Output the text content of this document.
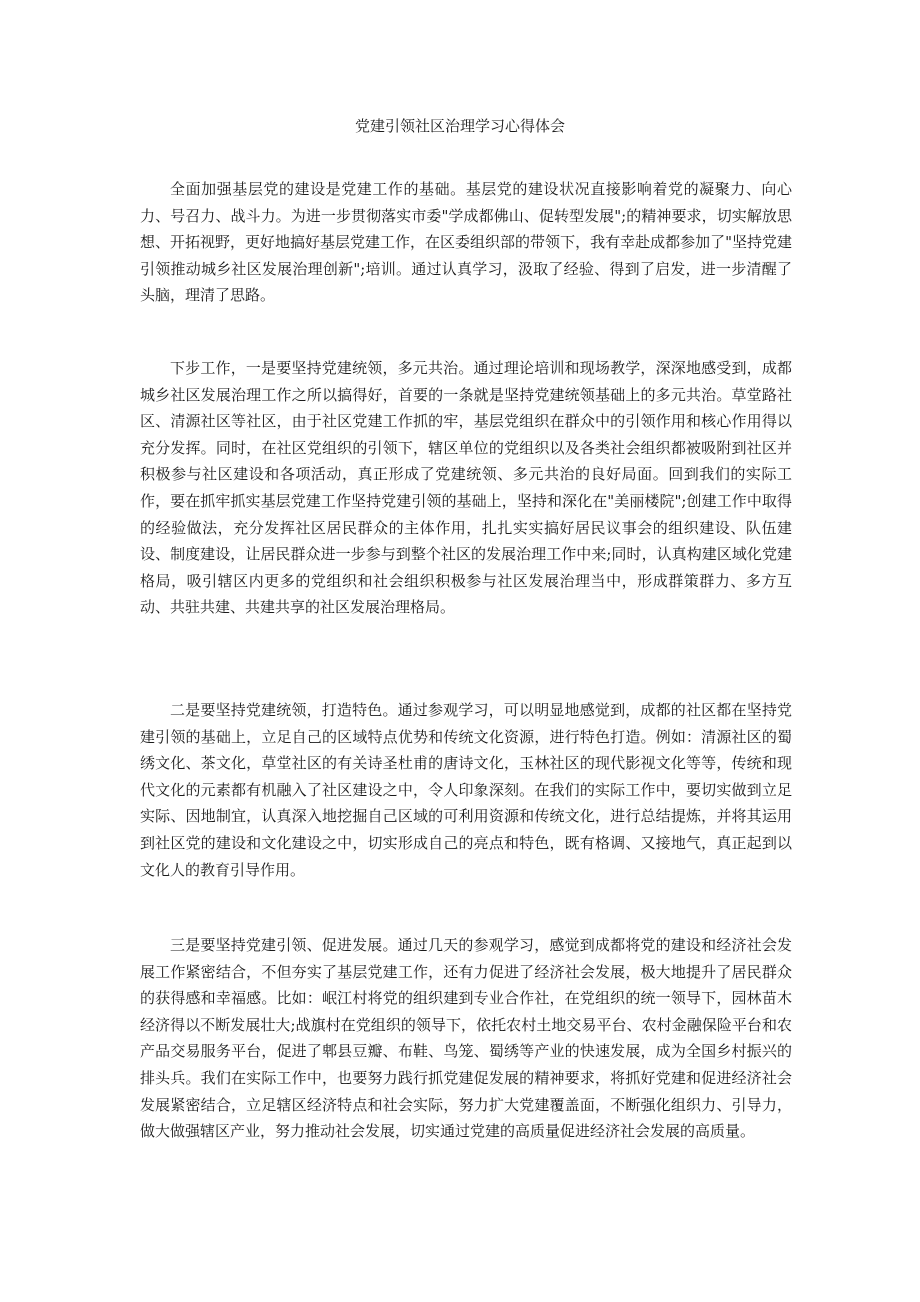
党建引领社区治理学习心得体会

全面加强基层党的建设是党建工作的基础。基层党的建设状况直接影响着党的凝聚力、向心力、号召力、战斗力。为进一步贯彻落实市委"学成都佛山、促转型发展";的精神要求，切实解放思想、开拓视野，更好地搞好基层党建工作，在区委组织部的带领下，我有幸赴成都参加了"坚持党建引领推动城乡社区发展治理创新";培训。通过认真学习，汲取了经验、得到了启发，进一步清醒了头脑，理清了思路。

下步工作，一是要坚持党建统领，多元共治。通过理论培训和现场教学，深深地感受到，成都城乡社区发展治理工作之所以搞得好，首要的一条就是坚持党建统领基础上的多元共治。草堂路社区、清源社区等社区，由于社区党建工作抓的牢，基层党组织在群众中的引领作用和核心作用得以充分发挥。同时，在社区党组织的引领下，辖区单位的党组织以及各类社会组织都被吸附到社区并积极参与社区建设和各项活动，真正形成了党建统领、多元共治的良好局面。回到我们的实际工作，要在抓牢抓实基层党建工作坚持党建引领的基础上，坚持和深化在"美丽楼院";创建工作中取得的经验做法，充分发挥社区居民群众的主体作用，扎扎实实搞好居民议事会的组织建设、队伍建设、制度建设，让居民群众进一步参与到整个社区的发展治理工作中来;同时，认真构建区域化党建格局，吸引辖区内更多的党组织和社会组织积极参与社区发展治理当中，形成群策群力、多方互动、共驻共建、共建共享的社区发展治理格局。

二是要坚持党建统领，打造特色。通过参观学习，可以明显地感觉到，成都的社区都在坚持党建引领的基础上，立足自己的区域特点优势和传统文化资源，进行特色打造。例如：清源社区的蜀绣文化、茶文化，草堂社区的有关诗圣杜甫的唐诗文化，玉林社区的现代影视文化等等，传统和现代文化的元素都有机融入了社区建设之中，令人印象深刻。在我们的实际工作中，要切实做到立足实际、因地制宜，认真深入地挖掘自己区域的可利用资源和传统文化，进行总结提炼，并将其运用到社区党的建设和文化建设之中，切实形成自己的亮点和特色，既有格调、又接地气，真正起到以文化人的教育引导作用。

三是要坚持党建引领、促进发展。通过几天的参观学习，感觉到成都将党的建设和经济社会发展工作紧密结合，不但夯实了基层党建工作，还有力促进了经济社会发展，极大地提升了居民群众的获得感和幸福感。比如：岷江村将党的组织建到专业合作社，在党组织的统一领导下，园林苗木经济得以不断发展壮大;战旗村在党组织的领导下，依托农村土地交易平台、农村金融保险平台和农产品交易服务平台，促进了郫县豆瓣、布鞋、鸟笼、蜀绣等产业的快速发展，成为全国乡村振兴的排头兵。我们在实际工作中，也要努力践行抓党建促发展的精神要求，将抓好党建和促进经济社会发展紧密结合，立足辖区经济特点和社会实际，努力扩大党建覆盖面，不断强化组织力、引导力，做大做强辖区产业，努力推动社会发展，切实通过党建的高质量促进经济社会发展的高质量。
